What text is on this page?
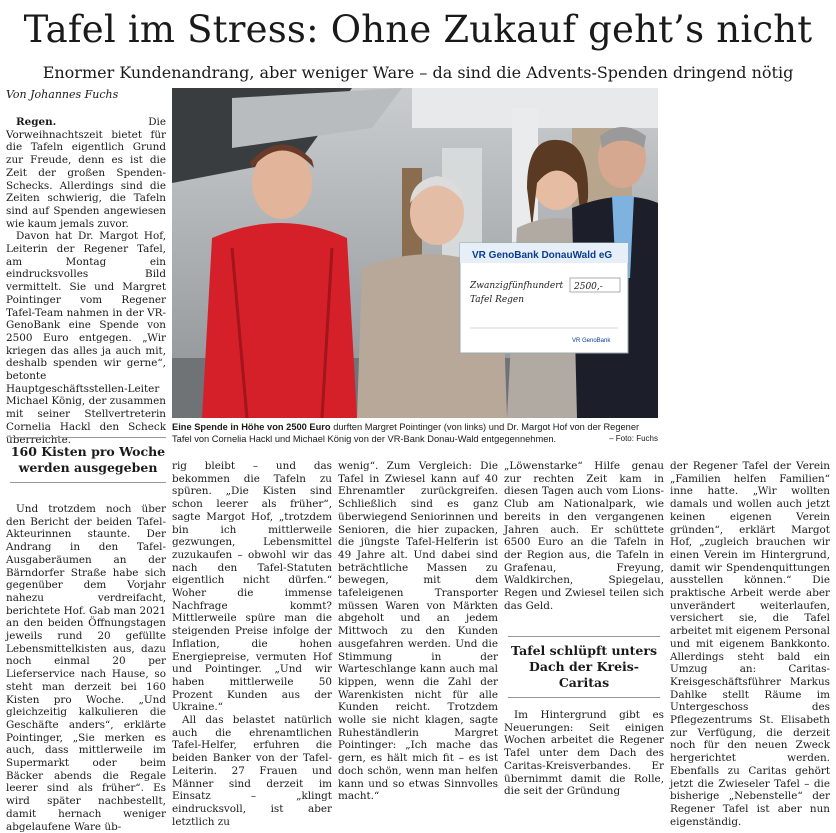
Tafel im Stress: Ohne Zukauf geht’s nicht
Enormer Kundenandrang, aber weniger Ware – da sind die Advents-Spenden dringend nötig
Von Johannes Fuchs

Regen. Die Vorweihnachtszeit bietet für die Tafeln eigentlich Grund zur Freude, denn es ist die Zeit der großen Spenden-Schecks. Allerdings sind die Zeiten schwierig, die Tafeln sind auf Spenden angewiesen wie kaum jemals zuvor.

Davon hat Dr. Margot Hof, Leiterin der Regener Tafel, am Montag ein eindrucksvolles Bild vermittelt. Sie und Margret Pointinger vom Regener Tafel-Team nahmen in der VR-GenoBank eine Spende von 2500 Euro entgegen. „Wir kriegen das alles ja auch mit, deshalb spenden wir gerne“, betonte Hauptgeschäftsstellen-Leiter Michael König, der zusammen mit seiner Stellvertreterin Cornelia Hackl den Scheck überreichte.

VR GenoBank DonauWald eG
Zwanzigfünfhundert
Tafel Regen
2500,-
VR GenoBank
Eine Spende in Höhe von 2500 Euro durften Margret Pointinger (von links) und Dr. Margot Hof von der Regener Tafel von Cornelia Hackl und Michael König von der VR-Bank Donau-Wald entgegennehmen.	– Foto: Fuchs
160 Kisten pro Woche werden ausgegeben

Und trotzdem noch über den Bericht der beiden Tafel-Akteurinnen staunte. Der Andrang in den Tafel-Ausgaberäumen an der Bärndorfer Straße habe sich gegenüber dem Vorjahr nahezu verdreifacht, berichtete Hof. Gab man 2021 an den beiden Öffnungstagen jeweils rund 20 gefüllte Lebensmittelkisten aus, dazu noch einmal 20 per Lieferservice nach Hause, so steht man derzeit bei 160 Kisten pro Woche. „Und gleichzeitig kalkulieren die Geschäfte anders“, erklärte Pointinger, „Sie merken es auch, dass mittlerweile im Supermarkt oder beim Bäcker abends die Regale leerer sind als früher“. Es wird später nachbestellt, damit hernach weniger abgelaufene Ware üb-

rig bleibt – und das bekommen die Tafeln zu spüren. „Die Kisten sind schon leerer als früher“, sagte Margot Hof, „trotzdem bin ich mittlerweile gezwungen, Lebensmittel zuzukaufen – obwohl wir das nach den Tafel-Statuten eigentlich nicht dürfen.“ Woher die immense Nachfrage kommt? Mittlerweile spüre man die steigenden Preise infolge der Inflation, die hohen Energiepreise, vermuten Hof und Pointinger. „Und wir haben mittlerweile 50 Prozent Kunden aus der Ukraine.“

All das belastet natürlich auch die ehrenamtlichen Tafel-Helfer, erfuhren die beiden Banker von der Tafel-Leiterin. 27 Frauen und Männer sind derzeit im Einsatz – „klingt eindrucksvoll, ist aber letztlich zu

wenig“. Zum Vergleich: Die Tafel in Zwiesel kann auf 40 Ehrenamtler zurückgreifen. Schließlich sind es ganz überwiegend Seniorinnen und Senioren, die hier zupacken, die jüngste Tafel-Helferin ist 49 Jahre alt. Und dabei sind beträchtliche Massen zu bewegen, mit dem tafeleigenen Transporter müssen Waren von Märkten abgeholt und an jedem Mittwoch zu den Kunden ausgefahren werden. Und die Stimmung in der Warteschlange kann auch mal kippen, wenn die Zahl der Warenkisten nicht für alle Kunden reicht. Trotzdem wolle sie nicht klagen, sagte Ruheständlerin Margret Pointinger: „Ich mache das gern, es hält mich fit – es ist doch schön, wenn man helfen kann und so etwas Sinnvolles macht.“

„Löwenstarke“ Hilfe genau zur rechten Zeit kam in diesen Tagen auch vom Lions-Club am Nationalpark, wie bereits in den vergangenen Jahren auch. Er schüttete 6500 Euro an die Tafeln in der Region aus, die Tafeln in Grafenau, Freyung, Waldkirchen, Spiegelau, Regen und Zwiesel teilen sich das Geld.

Tafel schlüpft unters Dach der Kreis-Caritas

Im Hintergrund gibt es Neuerungen: Seit einigen Wochen arbeitet die Regener Tafel unter dem Dach des Caritas-Kreisverbandes. Er übernimmt damit die Rolle, die seit der Gründung

der Regener Tafel der Verein „Familien helfen Familien“ inne hatte. „Wir wollten damals und wollen auch jetzt keinen eigenen Verein gründen“, erklärt Margot Hof, „zugleich brauchen wir einen Verein im Hintergrund, damit wir Spendenquittungen ausstellen können.“ Die praktische Arbeit werde aber unverändert weiterlaufen, versichert sie, die Tafel arbeitet mit eigenem Personal und mit eigenem Bankkonto. Allerdings steht bald ein Umzug an: Caritas-Kreisgeschäftsführer Markus Dahlke stellt Räume im Untergeschoss des Pflegezentrums St. Elisabeth zur Verfügung, die derzeit noch für den neuen Zweck hergerichtet werden. Ebenfalls zu Caritas gehört jetzt die Zwieseler Tafel – die bisherige „Nebenstelle“ der Regener Tafel ist aber nun eigenständig.
